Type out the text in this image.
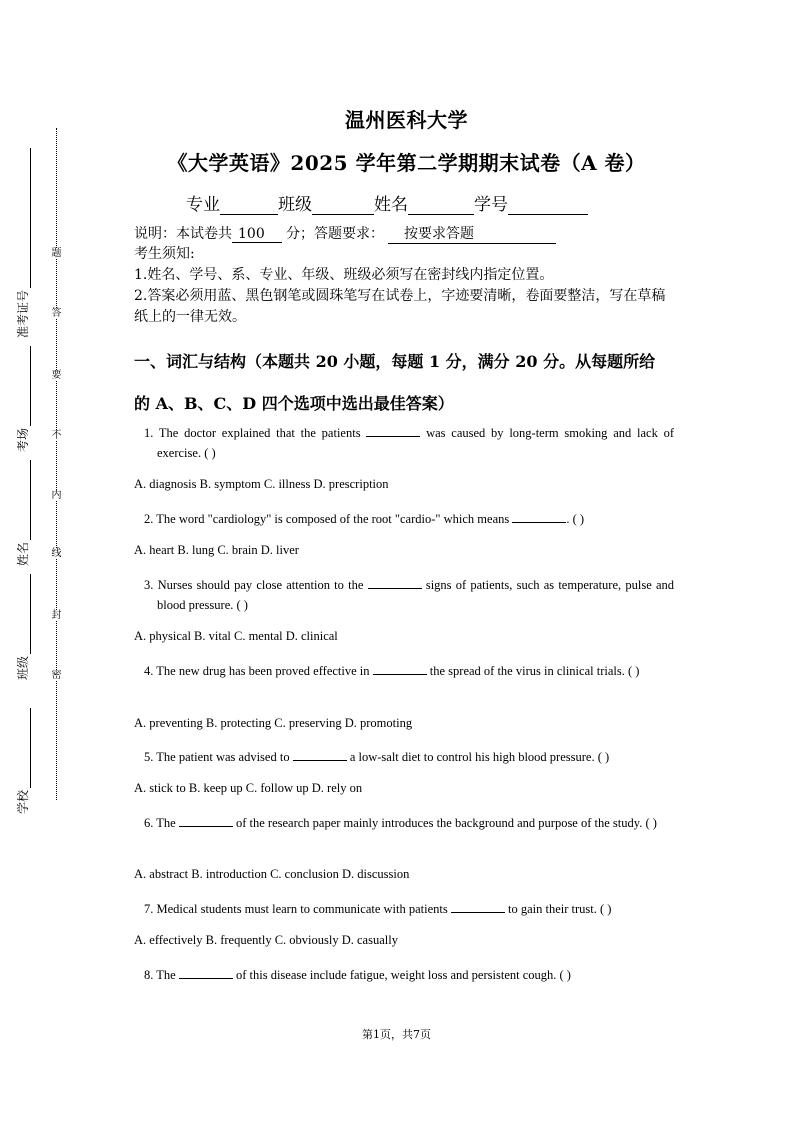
准考证号
考场
姓名
班级
学校
题
答
要
不
内
线
封
密
温州医科大学
《大学英语》2025 学年第二学期期末试卷（A 卷）
专业	班级	姓名	学号
说明：本试卷共 100 分；答题要求： 按要求答题

考生须知:

1.姓名、学号、系、专业、年级、班级必须写在密封线内指定位置。

2.答案必须用蓝、黑色钢笔或圆珠笔写在试卷上，字迹要清晰，卷面要整洁，写在草稿纸上的一律无效。

一、词汇与结构（本题共 20 小题，每题 1 分，满分 20 分。从每题所给
的 A、B、C、D 四个选项中选出最佳答案）
1. The doctor explained that the patients	was caused by long-term smoking and lack of exercise. ( )
A. diagnosis B. symptom C. illness D. prescription
2. The word "cardiology" is composed of the root "cardio-" which means	. ( )
A. heart B. lung C. brain D. liver
3. Nurses should pay close attention to the	signs of patients, such as temperature, pulse and blood pressure. ( )
A. physical B. vital C. mental D. clinical
4. The new drug has been proved effective in	the spread of the virus in clinical trials. ( )
A. preventing B. protecting C. preserving D. promoting
5. The patient was advised to	a low-salt diet to control his high blood pressure. ( )
A. stick to B. keep up C. follow up D. rely on
6. The	of the research paper mainly introduces the background and purpose of the study. ( )
A. abstract B. introduction C. conclusion D. discussion
7. Medical students must learn to communicate with patients	to gain their trust. ( )
A. effectively B. frequently C. obviously D. casually
8. The	of this disease include fatigue, weight loss and persistent cough. ( )
第1页，共7页
